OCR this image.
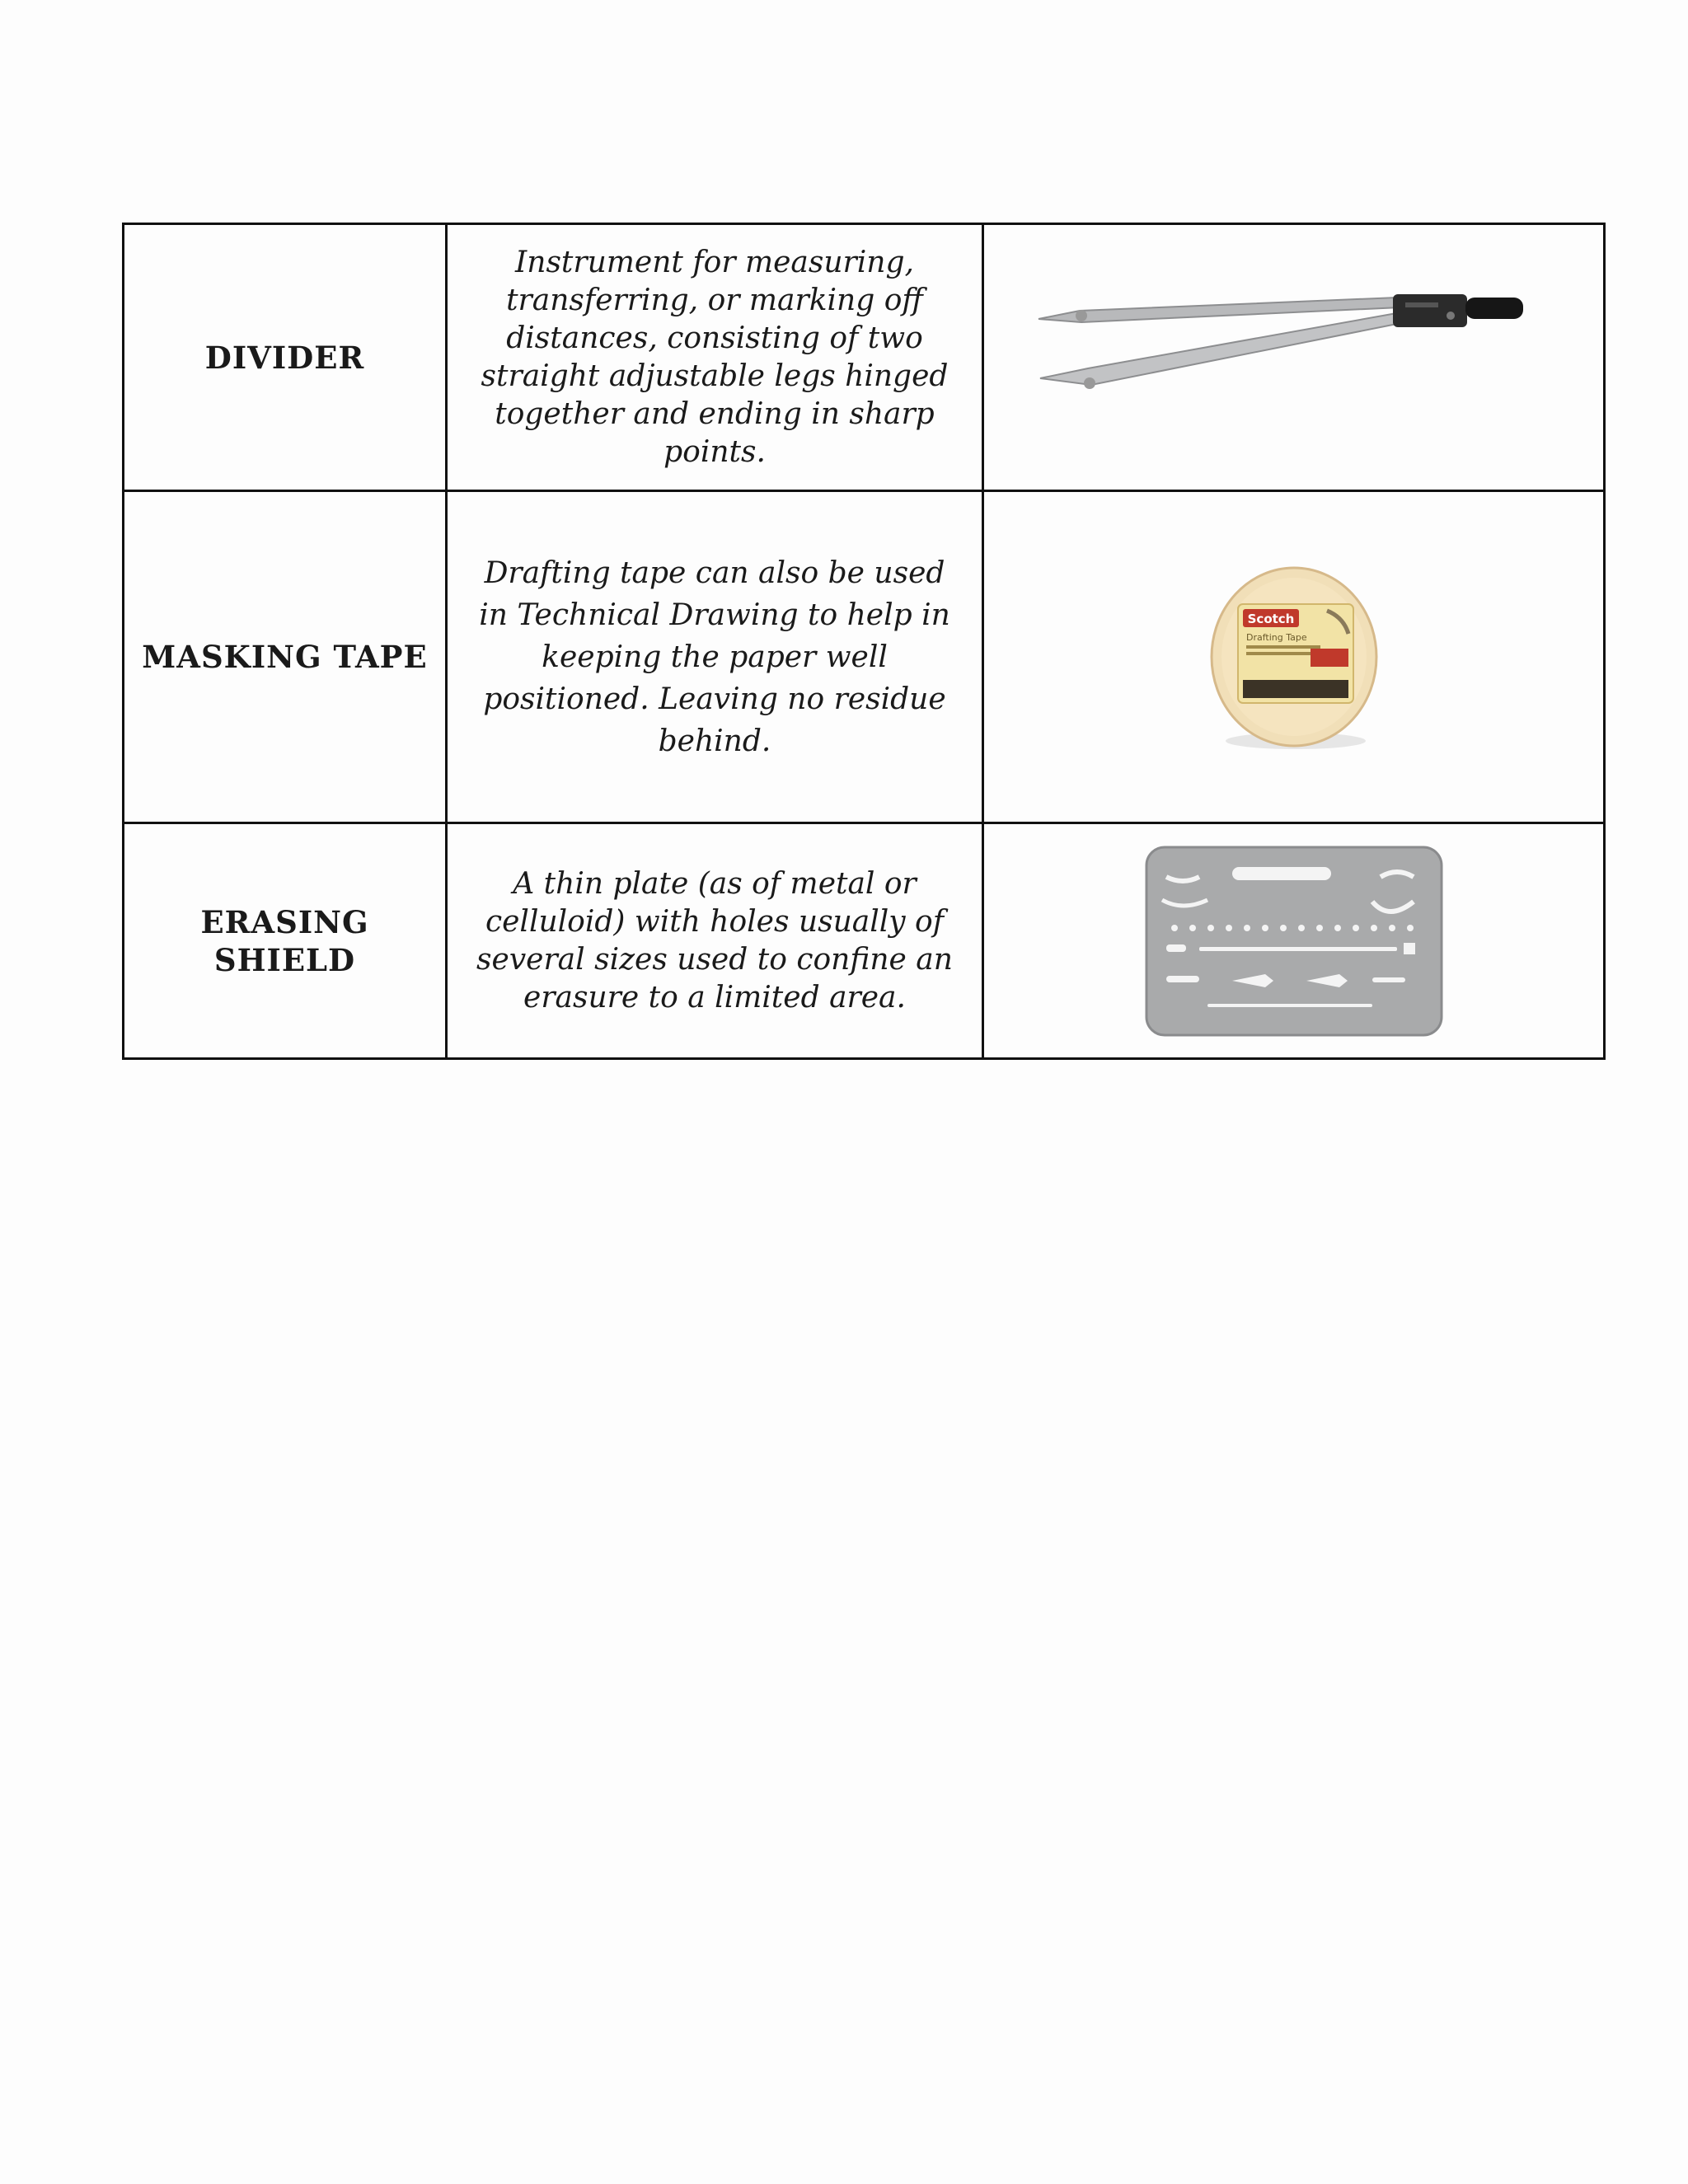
DIVIDER	Instrument for measuring, transferring, or marking off distances, consisting of two straight adjustable legs hinged together and ending in sharp points.

MASKING TAPE	Drafting tape can also be used in Technical Drawing to help in keeping the paper well positioned. Leaving no residue behind.	Scotch
Drafting Tape

ERASING SHIELD	A thin plate (as of metal or celluloid) with holes usually of several sizes used to confine an erasure to a limited area.
